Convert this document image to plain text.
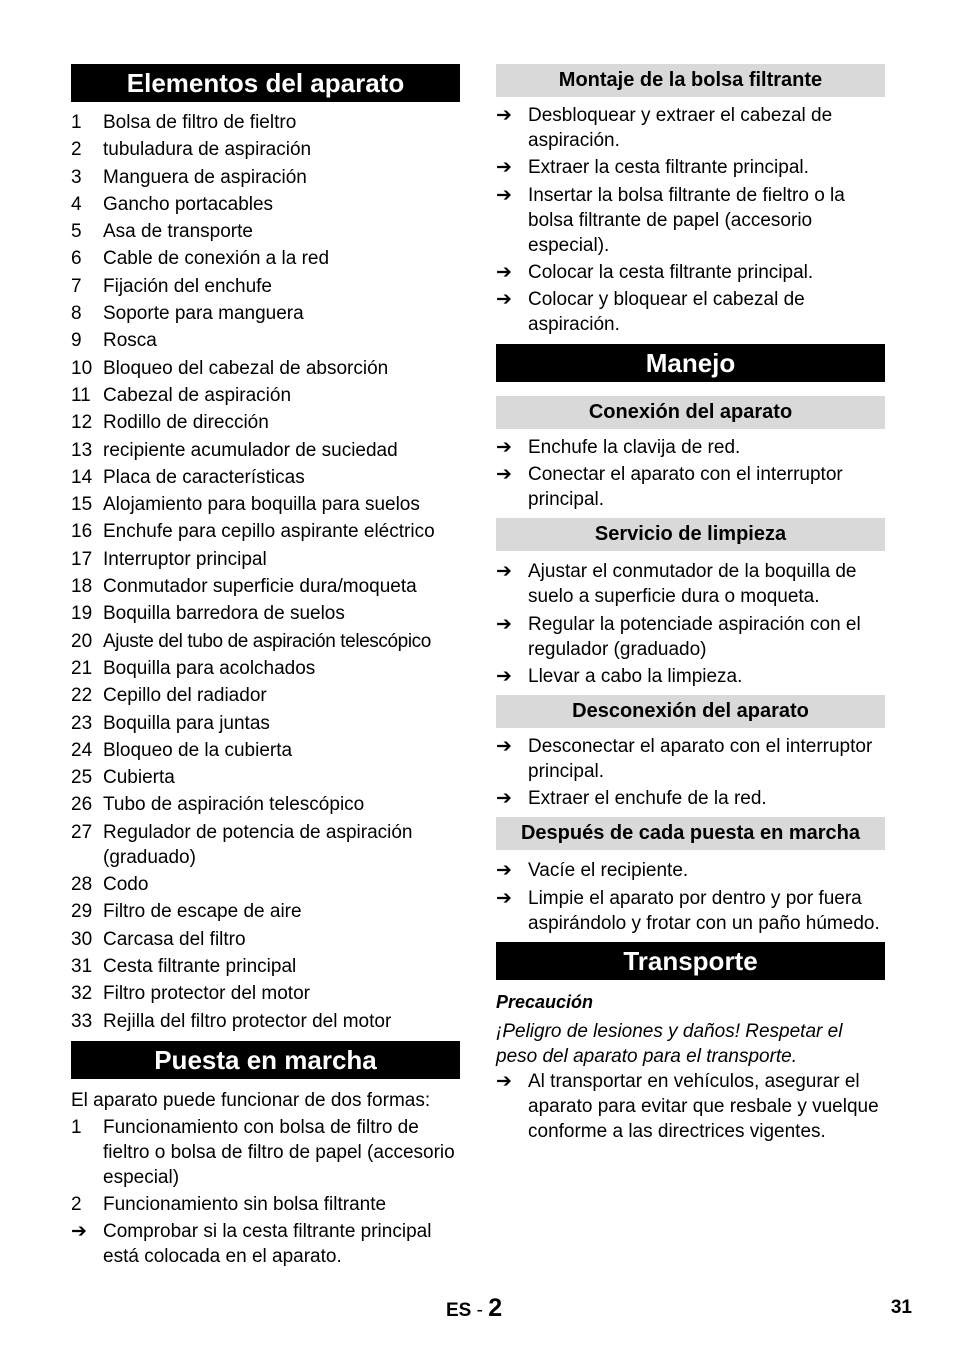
Elementos del aparato
1	Bolsa de filtro de fieltro
2	tubuladura de aspiración
3	Manguera de aspiración
4	Gancho portacables
5	Asa de transporte
6	Cable de conexión a la red
7	Fijación del enchufe
8	Soporte para manguera
9	Rosca
10 Bloqueo del cabezal de absorción
11 Cabezal de aspiración
12 Rodillo de dirección
13 recipiente acumulador de suciedad
14 Placa de características
15 Alojamiento para boquilla para suelos
16 Enchufe para cepillo aspirante eléctrico
17 Interruptor principal
18 Conmutador superficie dura/moqueta
19 Boquilla barredora de suelos
20 Ajuste del tubo de aspiración telescópico
21 Boquilla para acolchados
22 Cepillo del radiador
23 Boquilla para juntas
24 Bloqueo de la cubierta
25 Cubierta
26 Tubo de aspiración telescópico
27 Regulador de potencia de aspiración (graduado)
28 Codo
29 Filtro de escape de aire
30 Carcasa del filtro
31 Cesta filtrante principal
32 Filtro protector del motor
33 Rejilla del filtro protector del motor
Puesta en marcha

El aparato puede funcionar de dos formas:

1	Funcionamiento con bolsa de filtro de fieltro o bolsa de filtro de papel (accesorio especial)
2	Funcionamiento sin bolsa filtrante
➔ Comprobar si la cesta filtrante principal está colocada en el aparato.
Montaje de la bolsa filtrante
➔ Desbloquear y extraer el cabezal de aspiración.
➔ Extraer la cesta filtrante principal.
➔ Insertar la bolsa filtrante de fieltro o la bolsa filtrante de papel (accesorio especial).
➔ Colocar la cesta filtrante principal.
➔ Colocar y bloquear el cabezal de aspiración.
Manejo
Conexión del aparato
➔ Enchufe la clavija de red.
➔ Conectar el aparato con el interruptor principal.
Servicio de limpieza
➔ Ajustar el conmutador de la boquilla de suelo a superficie dura o moqueta.
➔ Regular la potenciade aspiración con el regulador (graduado)
➔ Llevar a cabo la limpieza.
Desconexión del aparato
➔ Desconectar el aparato con el interruptor principal.
➔ Extraer el enchufe de la red.
Después de cada puesta en marcha
➔ Vacíe el recipiente.
➔ Limpie el aparato por dentro y por fuera aspirándolo y frotar con un paño húmedo.
Transporte

Precaución

¡Peligro de lesiones y daños! Respetar el peso del aparato para el transporte.

➔ Al transportar en vehículos, asegurar el aparato para evitar que resbale y vuelque conforme a las directrices vigentes.
ES - 2	31
